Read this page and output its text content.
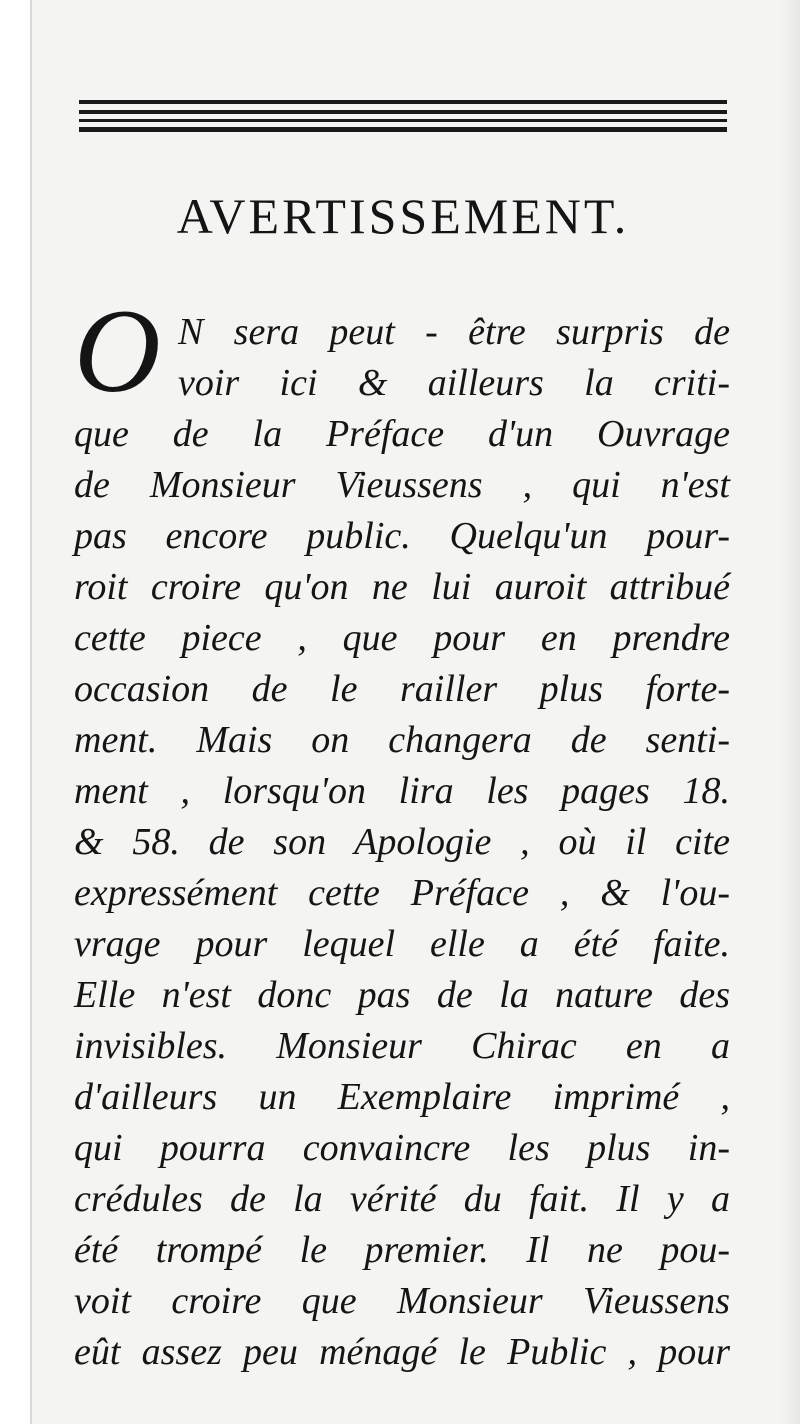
AVERTISSEMENT.
O N sera peut - être surpris de
voir ici & ailleurs la criti-
que de la Préface d'un Ouvrage
de Monsieur Vieussens , qui n'est
pas encore public. Quelqu'un pour-
roit croire qu'on ne lui auroit attribué
cette piece , que pour en prendre
occasion de le railler plus forte-
ment. Mais on changera de senti-
ment , lorsqu'on lira les pages 18.
& 58. de son Apologie , où il cite
expressément cette Préface , & l'ou-
vrage pour lequel elle a été faite.
Elle n'est donc pas de la nature des
invisibles. Monsieur Chirac en a
d'ailleurs un Exemplaire imprimé ,
qui pourra convaincre les plus in-
crédules de la vérité du fait. Il y a
été trompé le premier. Il ne pou-
voit croire que Monsieur Vieussens
eût assez peu ménagé le Public , pour
